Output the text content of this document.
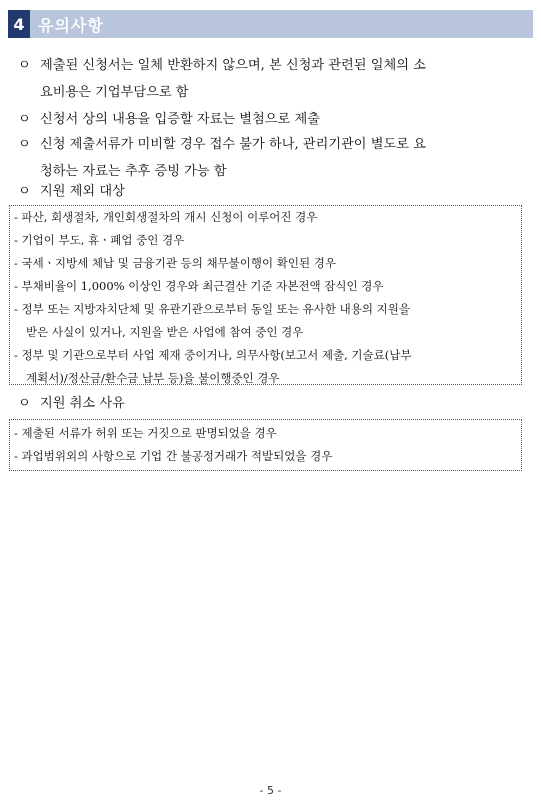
4 유의사항
ㅇ 제출된 신청서는 일체 반환하지 않으며, 본 신청과 관련된 일체의 소
요비용은 기업부담으로 함
ㅇ 신청서 상의 내용을 입증할 자료는 별첨으로 제출
ㅇ 신청 제출서류가 미비할 경우 접수 불가 하나, 관리기관이 별도로 요
청하는 자료는 추후 증빙 가능 함
ㅇ 지원 제외 대상
- 파산, 회생절차, 개인회생절차의 개시 신청이 이루어진 경우
- 기업이 부도, 휴ㆍ폐업 중인 경우
- 국세ㆍ지방세 체납 및 금융기관 등의 채무불이행이 확인된 경우
- 부채비율이 1,000% 이상인 경우와 최근결산 기준 자본전액 잠식인 경우
- 정부 또는 지방자치단체 및 유관기관으로부터 동일 또는 유사한 내용의 지원을
받은 사실이 있거나, 지원을 받은 사업에 참여 중인 경우
- 정부 및 기관으로부터 사업 제재 중이거나, 의무사항(보고서 제출, 기술료(납부
계획서)/정산금/환수금 납부 등)을 불이행중인 경우
ㅇ 지원 취소 사유
- 제출된 서류가 허위 또는 거짓으로 판명되었을 경우
- 과업범위외의 사항으로 기업 간 불공정거래가 적발되었을 경우
- 5 -
